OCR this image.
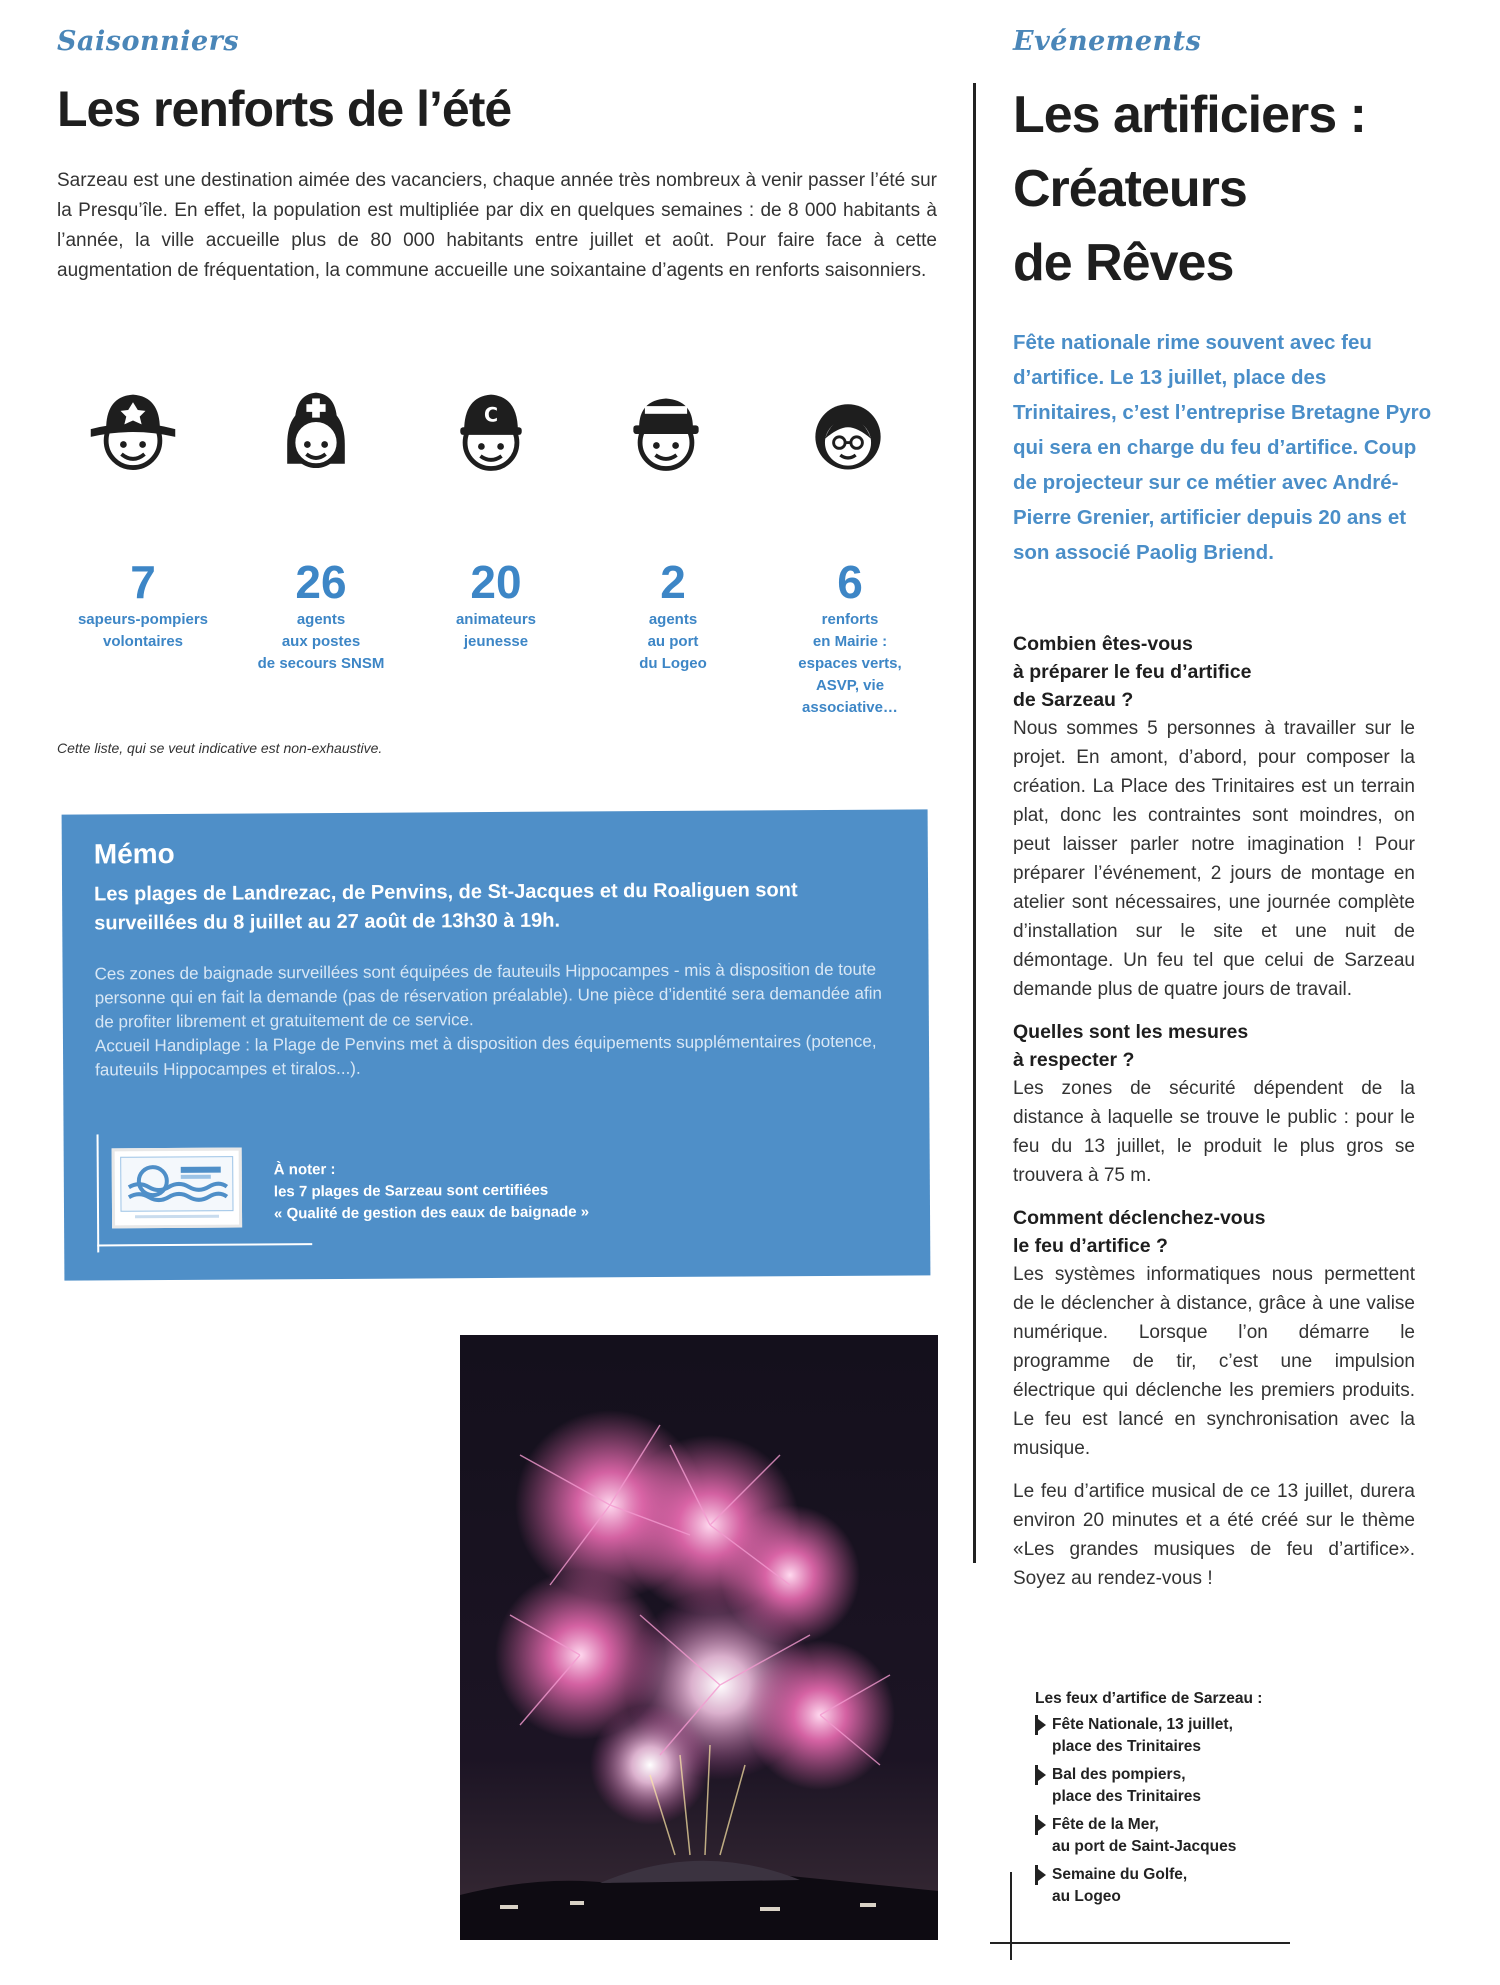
Saisonniers
Les renforts de l’été
Sarzeau est une destination aimée des vacanciers, chaque année très nombreux à venir passer l’été sur la Presqu’île. En effet, la population est multipliée par dix en quelques semaines : de 8 000 habitants à l’année, la ville accueille plus de 80 000 habitants entre juillet et août. Pour faire face à cette augmentation de fréquentation, la commune accueille une soixantaine d’agents en renforts saisonniers.
C
7
sapeurs-pompiers
volontaires
26
agents
aux postes
de secours SNSM
20
animateurs
jeunesse
2
agents
au port
du Logeo
6
renforts
en Mairie :
espaces verts,
ASVP, vie
associative…
Cette liste, qui se veut indicative est non-exhaustive.
Mémo
Les plages de Landrezac, de Penvins, de St-Jacques et du Roaliguen sont surveillées du 8 juillet au 27 août de 13h30 à 19h.

Ces zones de baignade surveillées sont équipées de fauteuils Hippocampes - mis à disposition de toute personne qui en fait la demande (pas de réservation préalable). Une pièce d’identité sera demandée afin de profiter librement et gratuitement de ce service.

Accueil Handiplage : la Plage de Penvins met à disposition des équipements supplémentaires (potence, fauteuils Hippocampes et tiralos...).

À noter :
les 7 plages de Sarzeau sont certifiées
« Qualité de gestion des eaux de baignade »
Evénements
Les artificiers :
Créateurs
de Rêves
Fête nationale rime souvent avec feu d’artifice. Le 13 juillet, place des Trinitaires, c’est l’entreprise Bretagne Pyro qui sera en charge du feu d’artifice. Coup de projecteur sur ce métier avec André-Pierre Grenier, artificier depuis 20 ans et son associé Paolig Briend.
Combien êtes-vous
à préparer le feu d’artifice
de Sarzeau ?

Nous sommes 5 personnes à travailler sur le projet. En amont, d’abord, pour composer la création. La Place des Trinitaires est un terrain plat, donc les contraintes sont moindres, on peut laisser parler notre imagination ! Pour préparer l’événement, 2 jours de montage en atelier sont nécessaires, une journée complète d’installation sur le site et une nuit de démontage. Un feu tel que celui de Sarzeau demande plus de quatre jours de travail.

Quelles sont les mesures
à respecter ?

Les zones de sécurité dépendent de la distance à laquelle se trouve le public : pour le feu du 13 juillet, le produit le plus gros se trouvera à 75 m.

Comment déclenchez-vous
le feu d’artifice ?

Les systèmes informatiques nous permettent de le déclencher à distance, grâce à une valise numérique. Lorsque l’on démarre le programme de tir, c’est une impulsion électrique qui déclenche les premiers produits. Le feu est lancé en synchronisation avec la musique.

Le feu d’artifice musical de ce 13 juillet, durera environ 20 minutes et a été créé sur le thème «Les grandes musiques de feu d’artifice». Soyez au rendez-vous !
Les feux d’artifice de Sarzeau :
Fête Nationale, 13 juillet,
place des Trinitaires
Bal des pompiers,
place des Trinitaires
Fête de la Mer,
au port de Saint-Jacques
Semaine du Golfe,
au Logeo
